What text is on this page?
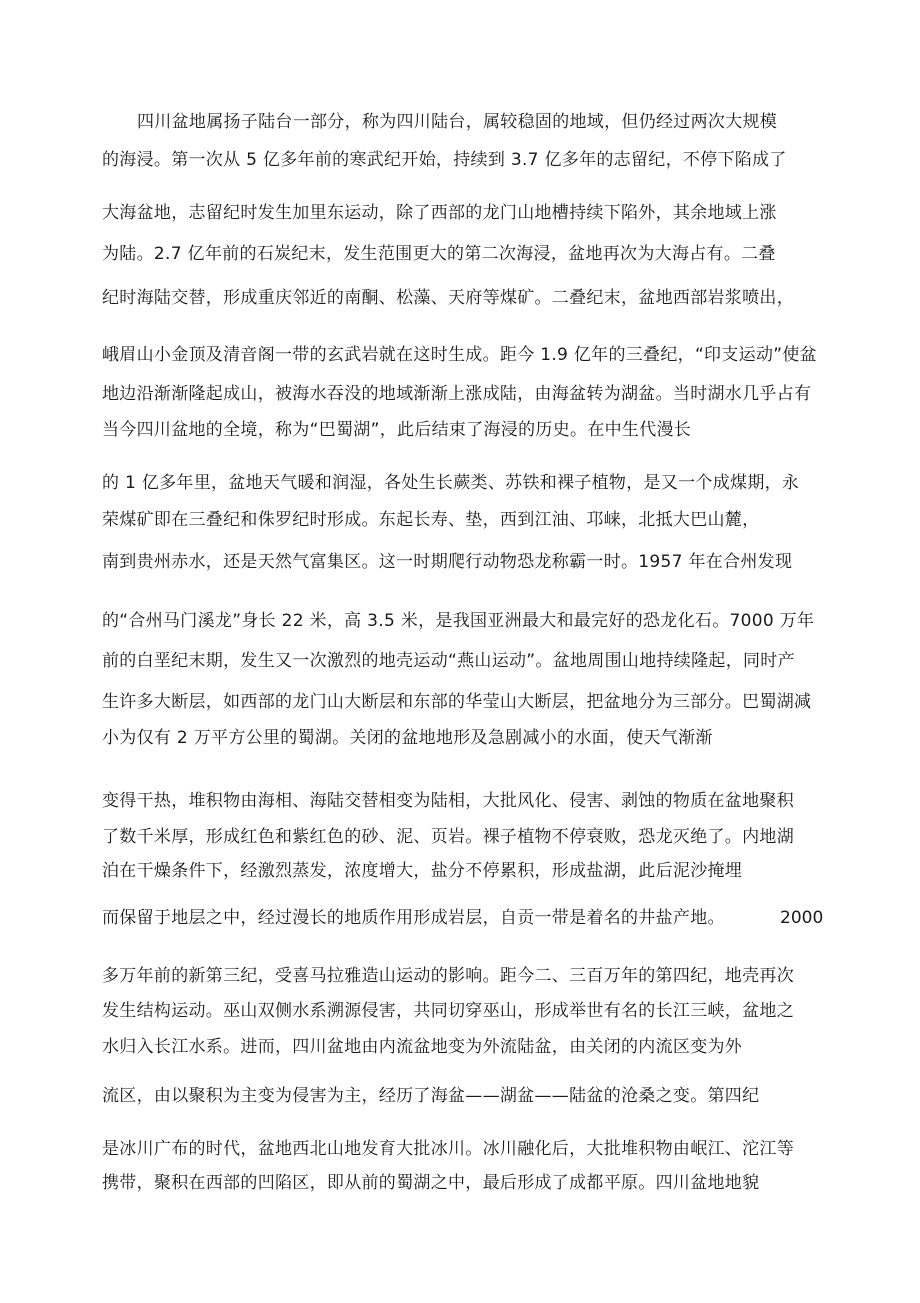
四川盆地属扬子陆台一部分，称为四川陆台，属较稳固的地域，但仍经过两次大规模
的海浸。第一次从 5 亿多年前的寒武纪开始，持续到 3.7 亿多年的志留纪，不停下陷成了
大海盆地，志留纪时发生加里东运动，除了西部的龙门山地槽持续下陷外，其余地域上涨
为陆。2.7 亿年前的石炭纪末，发生范围更大的第二次海浸，盆地再次为大海占有。二叠
纪时海陆交替，形成重庆邻近的南酮、松藻、天府等煤矿。二叠纪末，盆地西部岩浆喷出，
峨眉山小金顶及清音阁一带的玄武岩就在这时生成。距今 1.9 亿年的三叠纪，“印支运动”使盆
地边沿渐渐隆起成山，被海水吞没的地域渐渐上涨成陆，由海盆转为湖盆。当时湖水几乎占有
当今四川盆地的全境，称为“巴蜀湖”，此后结束了海浸的历史。在中生代漫长
的 1 亿多年里，盆地天气暖和润湿，各处生长蕨类、苏铁和裸子植物，是又一个成煤期，永
荣煤矿即在三叠纪和侏罗纪时形成。东起长寿、垫，西到江油、邛崃，北抵大巴山麓，
南到贵州赤水，还是天然气富集区。这一时期爬行动物恐龙称霸一时。1957 年在合州发现
的“合州马门溪龙”身长 22 米，高 3.5 米，是我国亚洲最大和最完好的恐龙化石。7000 万年
前的白垩纪末期，发生又一次激烈的地壳运动“燕山运动”。盆地周围山地持续隆起，同时产
生许多大断层，如西部的龙门山大断层和东部的华莹山大断层，把盆地分为三部分。巴蜀湖减
小为仅有 2 万平方公里的蜀湖。关闭的盆地地形及急剧减小的水面，使天气渐渐
变得干热，堆积物由海相、海陆交替相变为陆相，大批风化、侵害、剥蚀的物质在盆地聚积
了数千米厚，形成红色和紫红色的砂、泥、页岩。裸子植物不停衰败，恐龙灭绝了。内地湖
泊在干燥条件下，经激烈蒸发，浓度增大，盐分不停累积，形成盐湖，此后泥沙掩埋
而保留于地层之中，经过漫长的地质作用形成岩层，自贡一带是着名的井盐产地。	2000
多万年前的新第三纪，受喜马拉雅造山运动的影响。距今二、三百万年的第四纪，地壳再次
发生结构运动。巫山双侧水系溯源侵害，共同切穿巫山，形成举世有名的长江三峡，盆地之
水归入长江水系。进而，四川盆地由内流盆地变为外流陆盆，由关闭的内流区变为外
流区，由以聚积为主变为侵害为主，经历了海盆——湖盆——陆盆的沧桑之变。第四纪
是冰川广布的时代，盆地西北山地发育大批冰川。冰川融化后，大批堆积物由岷江、沱江等
携带，聚积在西部的凹陷区，即从前的蜀湖之中，最后形成了成都平原。四川盆地地貌
